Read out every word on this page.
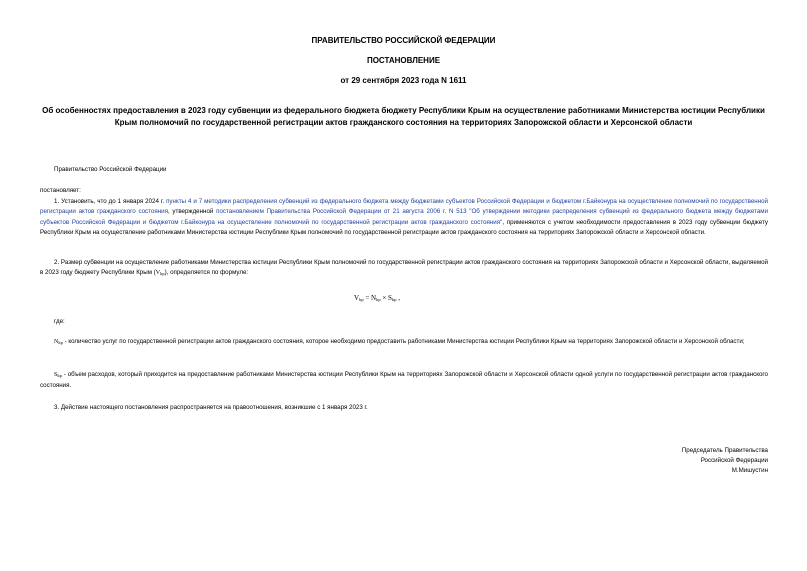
ПРАВИТЕЛЬСТВО РОССИЙСКОЙ ФЕДЕРАЦИИ
ПОСТАНОВЛЕНИЕ
от 29 сентября 2023 года N 1611
Об особенностях предоставления в 2023 году субвенции из федерального бюджета бюджету Республики Крым на осуществление работниками Министерства юстиции Республики Крым полномочий по государственной регистрации актов гражданского состояния на территориях Запорожской области и Херсонской области
Правительство Российской Федерации
постановляет:
1. Установить, что до 1 января 2024 г. пункты 4 и 7 методики распределения субвенций из федерального бюджета между бюджетами субъектов Российской Федерации и бюджетом г.Байконура на осуществление полномочий по государственной регистрации актов гражданского состояния, утвержденной постановлением Правительства Российской Федерации от 21 августа 2006 г. N 513 "Об утверждении методики распределения субвенций из федерального бюджета между бюджетами субъектов Российской Федерации и бюджетом г.Байконура на осуществление полномочий по государственной регистрации актов гражданского состояния", применяются с учетом необходимости предоставления в 2023 году субвенции бюджету Республики Крым на осуществление работниками Министерства юстиции Республики Крым полномочий по государственной регистрации актов гражданского состояния на территориях Запорожской области и Херсонской области.
2. Размер субвенции на осуществление работниками Министерства юстиции Республики Крым полномочий по государственной регистрации актов гражданского состояния на территориях Запорожской области и Херсонской области, выделяемой в 2023 году бюджету Республики Крым $(V_{kp})$, определяется по формуле:
$V_{kp} = N_{kp} \times S_{kp}$ ,
где:
$N_{kp}$ - количество услуг по государственной регистрации актов гражданского состояния, которое необходимо предоставить работниками Министерства юстиции Республики Крым на территориях Запорожской области и Херсонской области;
$S_{kp}$ - объем расходов, который приходится на предоставление работниками Министерства юстиции Республики Крым на территориях Запорожской области и Херсонской области одной услуги по государственной регистрации актов гражданского состояния.
3. Действие настоящего постановления распространяется на правоотношения, возникшие с 1 января 2023 г.
Председатель Правительства
Российской Федерации
М.Мишустин
